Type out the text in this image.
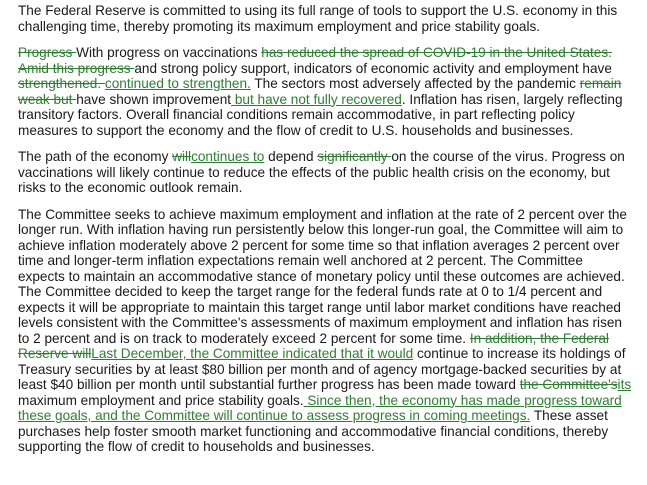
The Federal Reserve is committed to using its full range of tools to support the U.S. economy in this challenging time, thereby promoting its maximum employment and price stability goals.

Progress With progress on vaccinations has reduced the spread of COVID-19 in the United States. Amid this progress and strong policy support, indicators of economic activity and employment have strengthened. continued to strengthen. The sectors most adversely affected by the pandemic remain weak but have shown improvement but have not fully recovered. Inflation has risen, largely reflecting transitory factors. Overall financial conditions remain accommodative, in part reflecting policy measures to support the economy and the flow of credit to U.S. households and businesses.

The path of the economy willcontinues to depend significantly on the course of the virus. Progress on vaccinations will likely continue to reduce the effects of the public health crisis on the economy, but risks to the economic outlook remain.

The Committee seeks to achieve maximum employment and inflation at the rate of 2 percent over the longer run. With inflation having run persistently below this longer-run goal, the Committee will aim to achieve inflation moderately above 2 percent for some time so that inflation averages 2 percent over time and longer-term inflation expectations remain well anchored at 2 percent. The Committee expects to maintain an accommodative stance of monetary policy until these outcomes are achieved. The Committee decided to keep the target range for the federal funds rate at 0 to 1/4 percent and expects it will be appropriate to maintain this target range until labor market conditions have reached levels consistent with the Committee's assessments of maximum employment and inflation has risen to 2 percent and is on track to moderately exceed 2 percent for some time. In addition, the Federal Reserve willLast December, the Committee indicated that it would continue to increase its holdings of Treasury securities by at least $80 billion per month and of agency mortgage-backed securities by at least $40 billion per month until substantial further progress has been made toward the Committee'sits maximum employment and price stability goals. Since then, the economy has made progress toward these goals, and the Committee will continue to assess progress in coming meetings. These asset purchases help foster smooth market functioning and accommodative financial conditions, thereby supporting the flow of credit to households and businesses.
